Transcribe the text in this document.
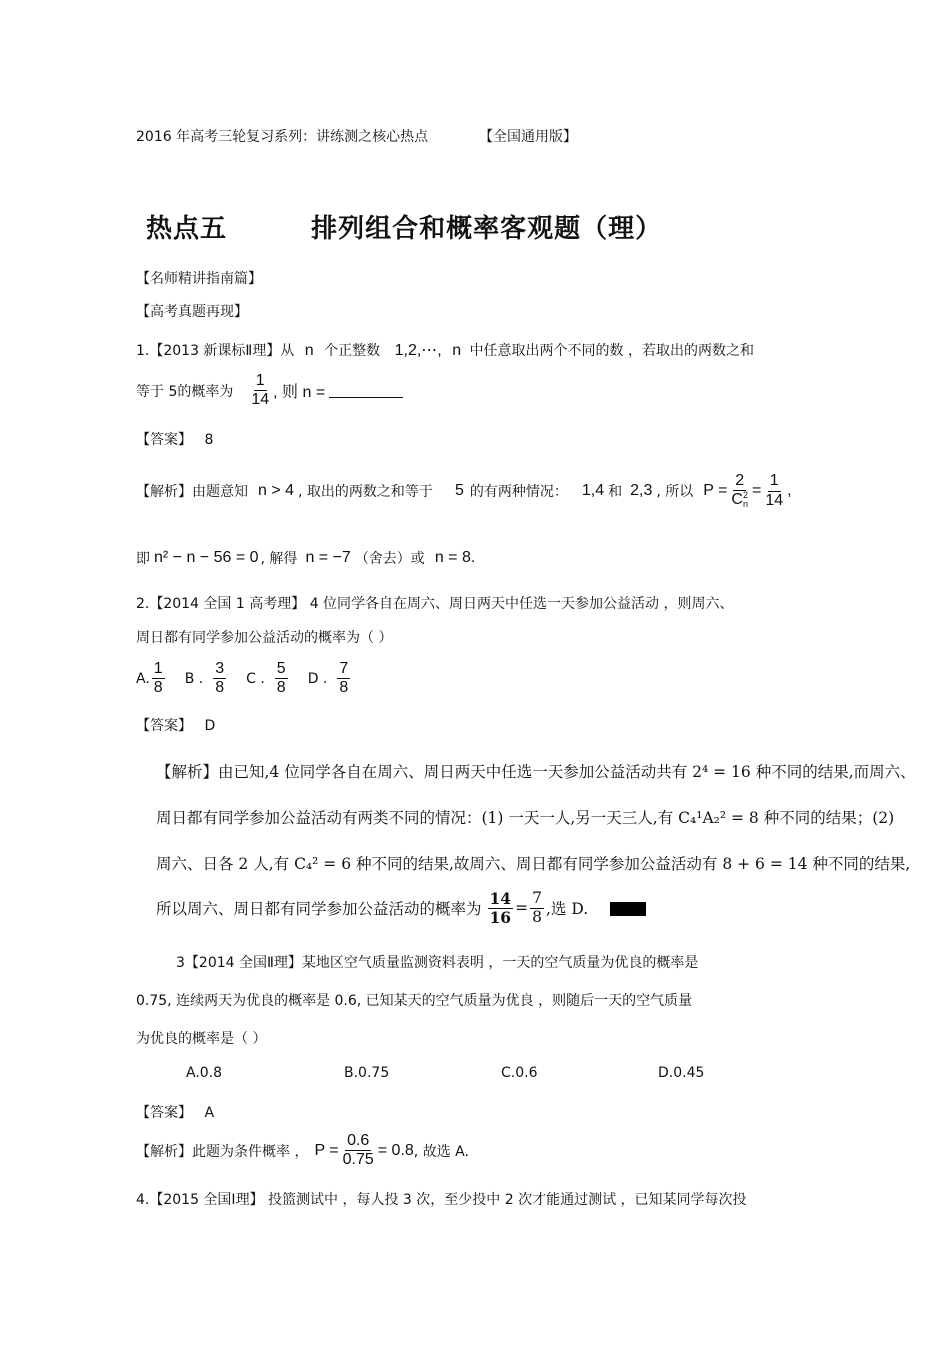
2016 年高考三轮复习系列：讲练测之核心热点	【全国通用版】
热点五	排列组合和概率客观题（理）
【名师精讲指南篇】
【高考真题再现】
1.【2013 新课标Ⅱ理】从 n 个正整数 1,2,⋯, n 中任意取出两个不同的数 ，若取出的两数之和
等于 5的概率为 $\frac{1}{14}$ , 则 n =
【答案】 8
【解析】由题意知 n > 4 , 取出的两数之和等于 5 的有两种情况： 1,4 和 2,3 , 所以 P = 2
C 2
$n = \frac{1}{14}$ ,
即 n² − n − 56 = 0 , 解得 n = −7 （舍去）或 n = 8 .
2.【2014 全国 1 高考理】 4 位同学各自在周六、周日两天中任选一天参加公益活动 ，则周六、
周日都有同学参加公益活动的概率为（ ）
A. $\frac{1}{8}$ B . $\frac{3}{8}$ C . $\frac{5}{8}$ D . $\frac{7}{8}$
【答案】 D
【解析】由已知,4 位同学各自在周六、周日两天中任选一天参加公益活动共有 2⁴ = 16 种不同的结果,而周六、
周日都有同学参加公益活动有两类不同的情况：(1) 一天一人,另一天三人,有 C₄¹A₂² = 8 种不同的结果；(2)
周六、日各 2 人,有 C₄² = 6 种不同的结果,故周六、周日都有同学参加公益活动有 8 + 6 = 14 种不同的结果,
所以周六、周日都有同学参加公益活动的概率为 $\frac{14}{16} = \frac{7}{8}$ ,选 D.
3【2014 全国Ⅱ理】某地区空气质量监测资料表明 ，一天的空气质量为优良的概率是
0.75, 连续两天为优良的概率是 0.6, 已知某天的空气质量为优良 ，则随后一天的空气质量
为优良的概率是（ ）
A.0.8	B.0.75	C.0.6	D.0.45
【答案】 A
【解析】此题为条件概率 ， $P = \frac{0.6}{0.75} = 0.8$ , 故选 A.
4.【2015 全国Ⅰ理】 投篮测试中 ，每人投 3 次，至少投中 2 次才能通过测试 ，已知某同学每次投
